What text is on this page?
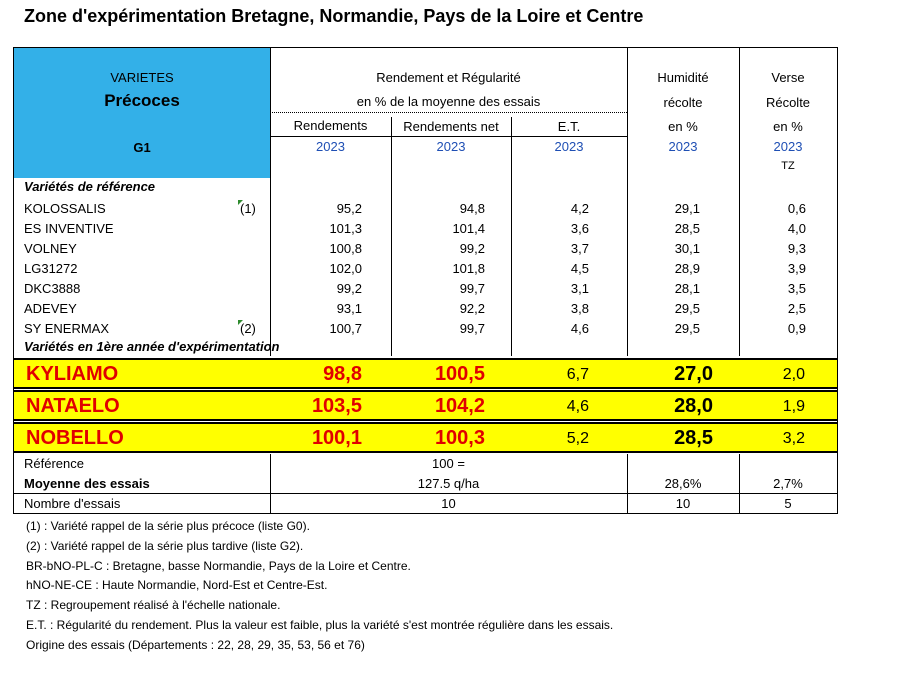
Zone d'expérimentation Bretagne, Normandie, Pays de la Loire et Centre
VARIETES
Précoces
G1
Rendement et Régularité
en % de la moyenne des essais
Rendements	Rendements net	E.T.
Humidité
récolte
en %
Verse
Récolte
en %
2023	2023	2023	2023	2023
TZ
Variétés de référence
KOLOSSALIS	(1)	95,2	94,8	4,2	29,1	0,6
ES INVENTIVE	101,3	101,4	3,6	28,5	4,0
VOLNEY	100,8	99,2	3,7	30,1	9,3
LG31272	102,0	101,8	4,5	28,9	3,9
DKC3888	99,2	99,7	3,1	28,1	3,5
ADEVEY	93,1	92,2	3,8	29,5	2,5
SY ENERMAX	(2)	100,7	99,7	4,6	29,5	0,9
Variétés en 1ère année d'expérimentation
KYLIAMO	98,8	100,5	6,7	27,0	2,0
NATAELO	103,5	104,2	4,6	28,0	1,9
NOBELLO	100,1	100,3	5,2	28,5	3,2
Référence	100 =
Moyenne des essais	127.5 q/ha	28,6%	2,7%
Nombre d'essais	10	10	5
(1) : Variété rappel de la série plus précoce (liste G0).
(2) : Variété rappel de la série plus tardive (liste G2).
BR-bNO-PL-C : Bretagne, basse Normandie, Pays de la Loire et Centre.
hNO-NE-CE : Haute Normandie, Nord-Est et Centre-Est.
TZ : Regroupement réalisé à l'échelle nationale.
E.T. : Régularité du rendement. Plus la valeur est faible, plus la variété s'est montrée régulière dans les essais.
Origine des essais (Départements : 22, 28, 29, 35, 53, 56 et 76)
